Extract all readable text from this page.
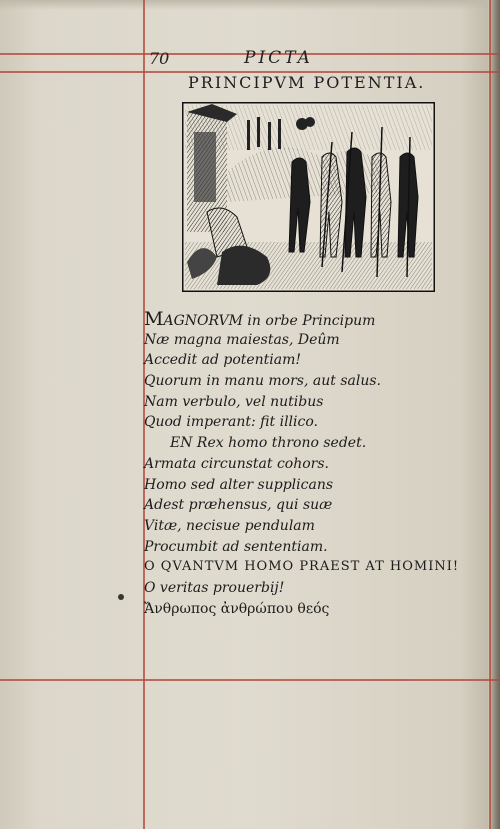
70	PICTA
PRINCIPVM POTENTIA.
MAGNORVM in orbe Principum
Næ magna maiestas, Deûm
Accedit ad potentiam!
Quorum in manu mors, aut salus.
Nam verbulo, vel nutibus
Quod imperant: fit illico.
EN Rex homo throno sedet.
Armata circunstat cohors.
Homo sed alter supplicans
Adest præhensus, qui suæ
Vitæ, necisue pendulam
Procumbit ad sententiam.
O QVANTVM HOMO PRAEST AT HOMINI!
O veritas prouerbij!
Ἄνθρωπος ἀνθρώπου θεός
